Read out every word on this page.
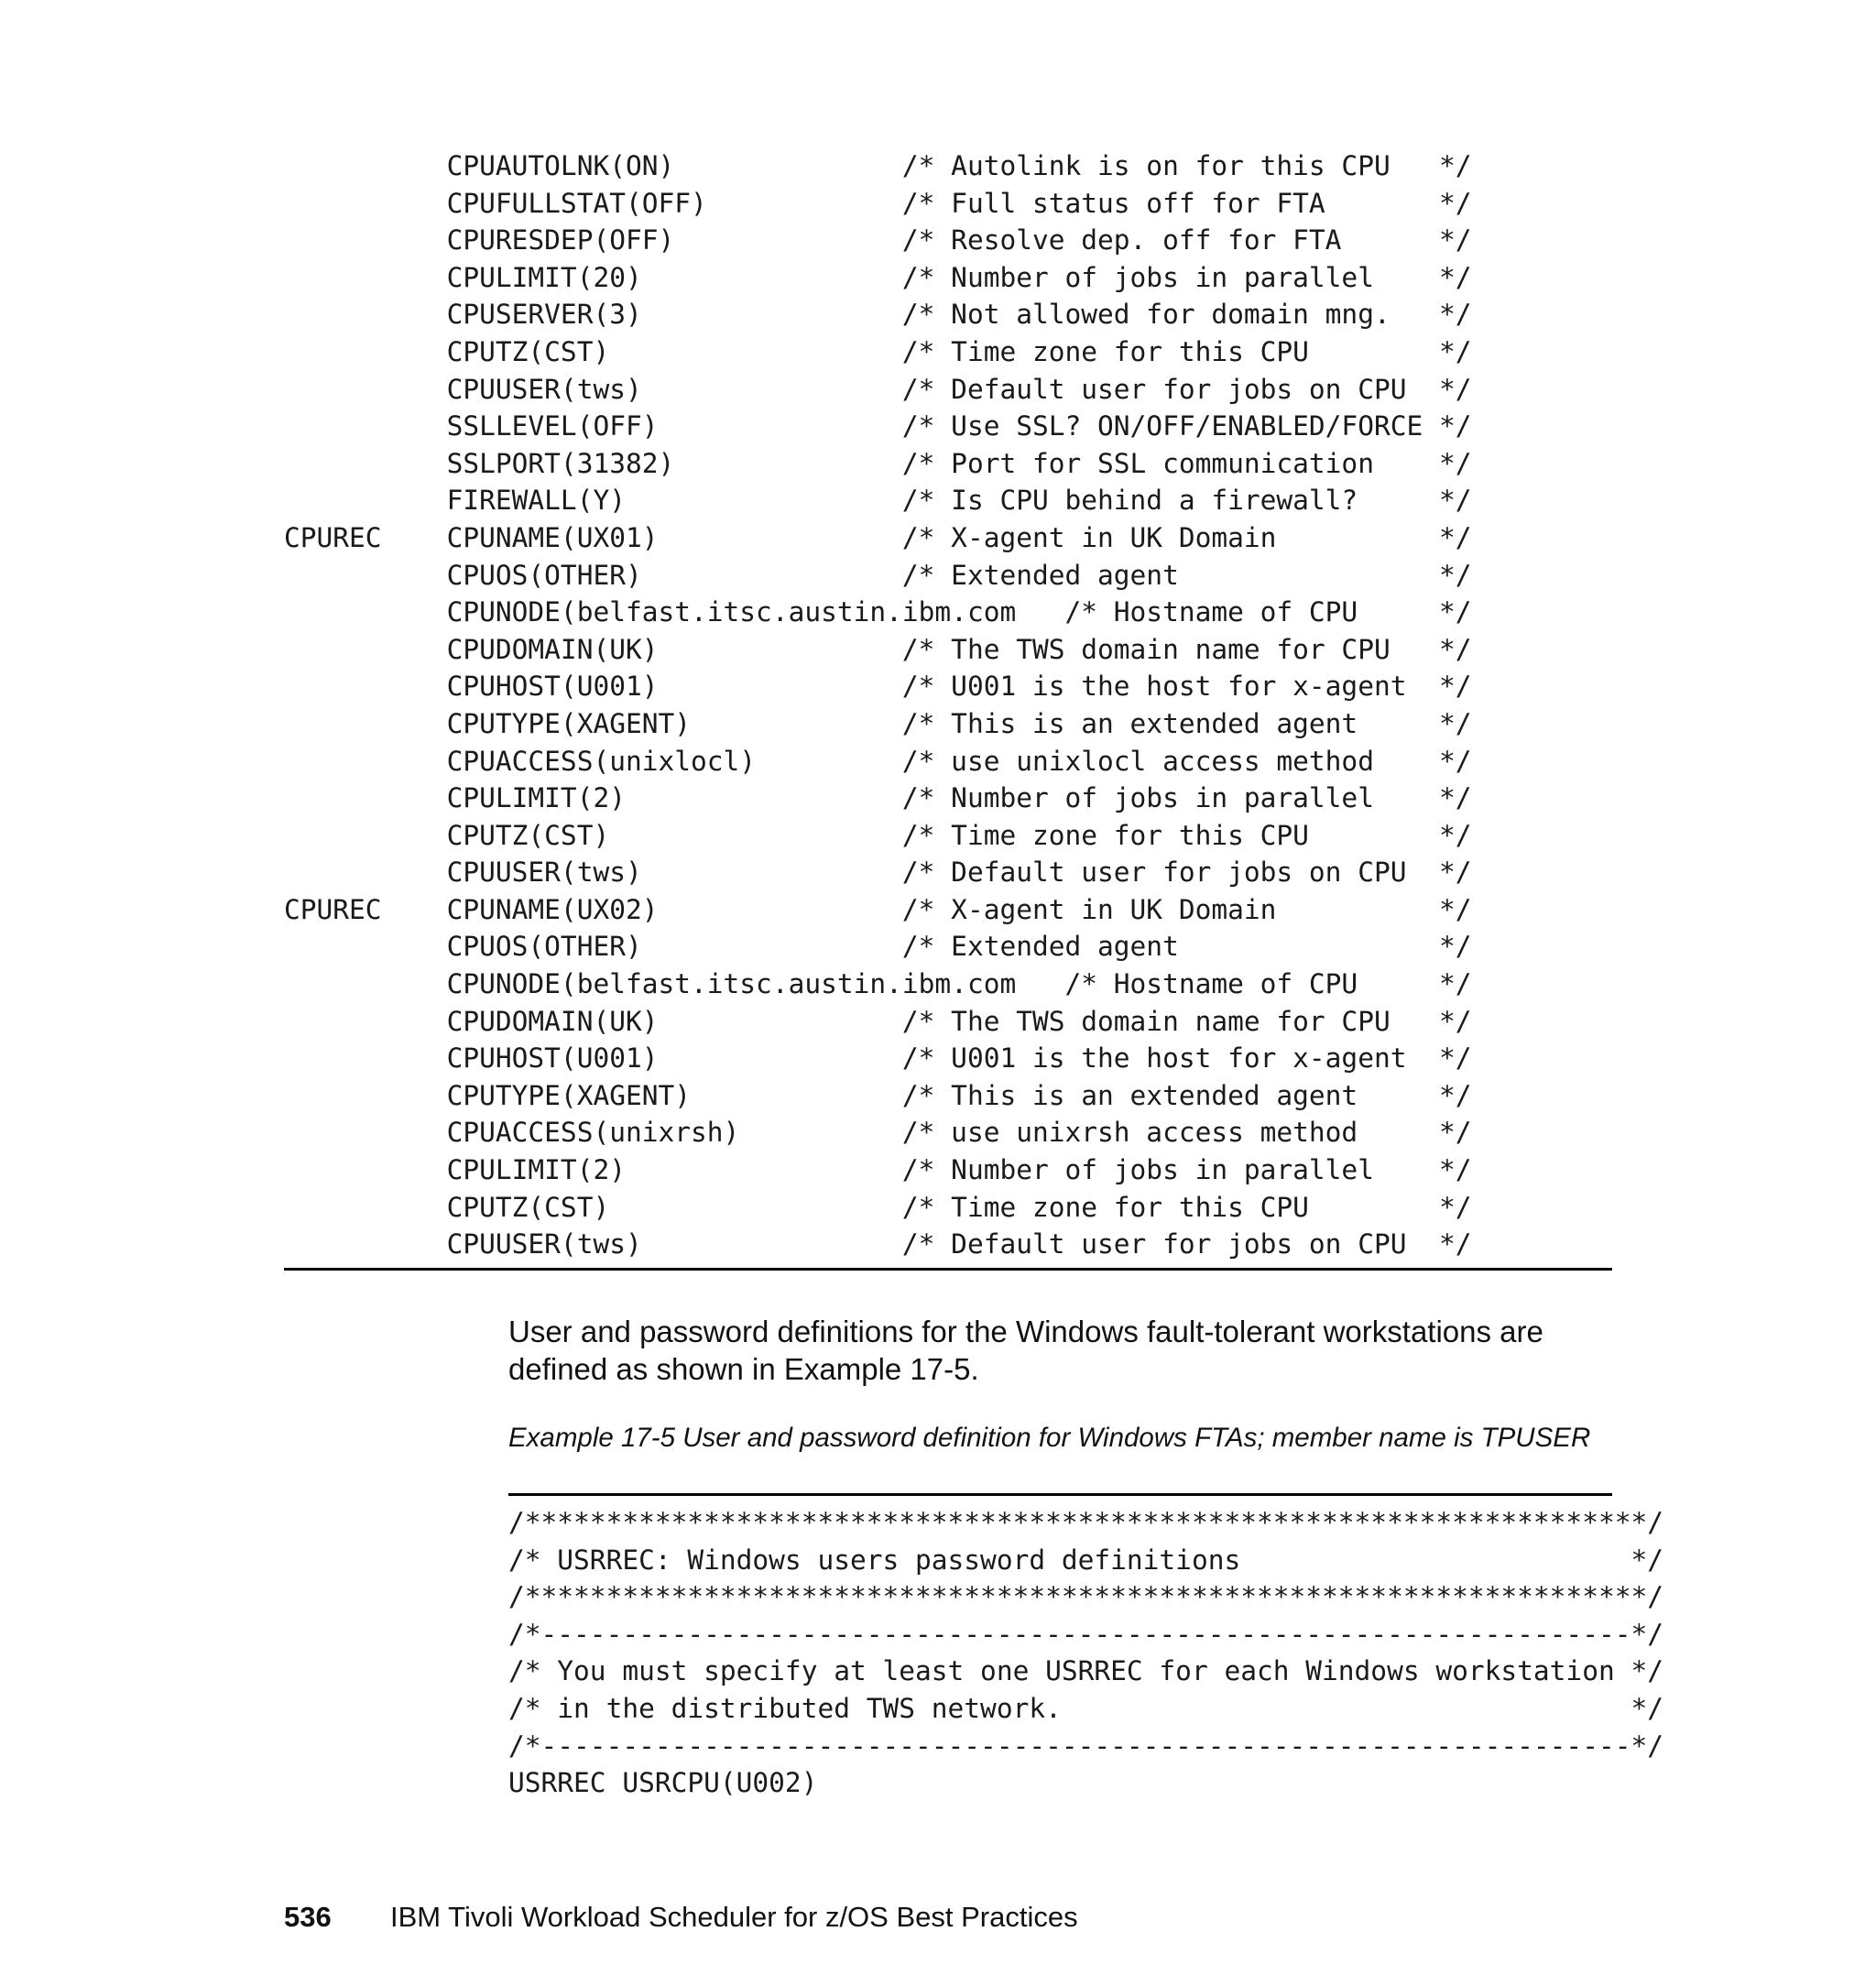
CPUAUTOLNK(ON)              /* Autolink is on for this CPU   */
CPUFULLSTAT(OFF)            /* Full status off for FTA       */
CPURESDEP(OFF)              /* Resolve dep. off for FTA      */
CPULIMIT(20)                /* Number of jobs in parallel    */
CPUSERVER(3)                /* Not allowed for domain mng.   */
CPUTZ(CST)                  /* Time zone for this CPU        */
CPUUSER(tws)                /* Default user for jobs on CPU  */
SSLLEVEL(OFF)               /* Use SSL? ON/OFF/ENABLED/FORCE */
SSLPORT(31382)              /* Port for SSL communication    */
FIREWALL(Y)                 /* Is CPU behind a firewall?     */
CPUREC    CPUNAME(UX01)               /* X-agent in UK Domain          */
CPUOS(OTHER)                /* Extended agent                */
CPUNODE(belfast.itsc.austin.ibm.com   /* Hostname of CPU     */
CPUDOMAIN(UK)               /* The TWS domain name for CPU   */
CPUHOST(U001)               /* U001 is the host for x-agent  */
CPUTYPE(XAGENT)             /* This is an extended agent     */
CPUACCESS(unixlocl)         /* use unixlocl access method    */
CPULIMIT(2)                 /* Number of jobs in parallel    */
CPUTZ(CST)                  /* Time zone for this CPU        */
CPUUSER(tws)                /* Default user for jobs on CPU  */
CPUREC    CPUNAME(UX02)               /* X-agent in UK Domain          */
CPUOS(OTHER)                /* Extended agent                */
CPUNODE(belfast.itsc.austin.ibm.com   /* Hostname of CPU     */
CPUDOMAIN(UK)               /* The TWS domain name for CPU   */
CPUHOST(U001)               /* U001 is the host for x-agent  */
CPUTYPE(XAGENT)             /* This is an extended agent     */
CPUACCESS(unixrsh)          /* use unixrsh access method     */
CPULIMIT(2)                 /* Number of jobs in parallel    */
CPUTZ(CST)                  /* Time zone for this CPU        */
CPUUSER(tws)                /* Default user for jobs on CPU  */

User and password definitions for the Windows fault-tolerant workstations are defined as shown in Example 17-5.

Example 17-5 User and password definition for Windows FTAs; member name is TPUSER

/*********************************************************************/
/* USRREC: Windows users password definitions                        */
/*********************************************************************/
/*-------------------------------------------------------------------*/
/* You must specify at least one USRREC for each Windows workstation */
/* in the distributed TWS network.                                   */
/*-------------------------------------------------------------------*/
USRREC USRCPU(U002)
536 IBM Tivoli Workload Scheduler for z/OS Best Practices
